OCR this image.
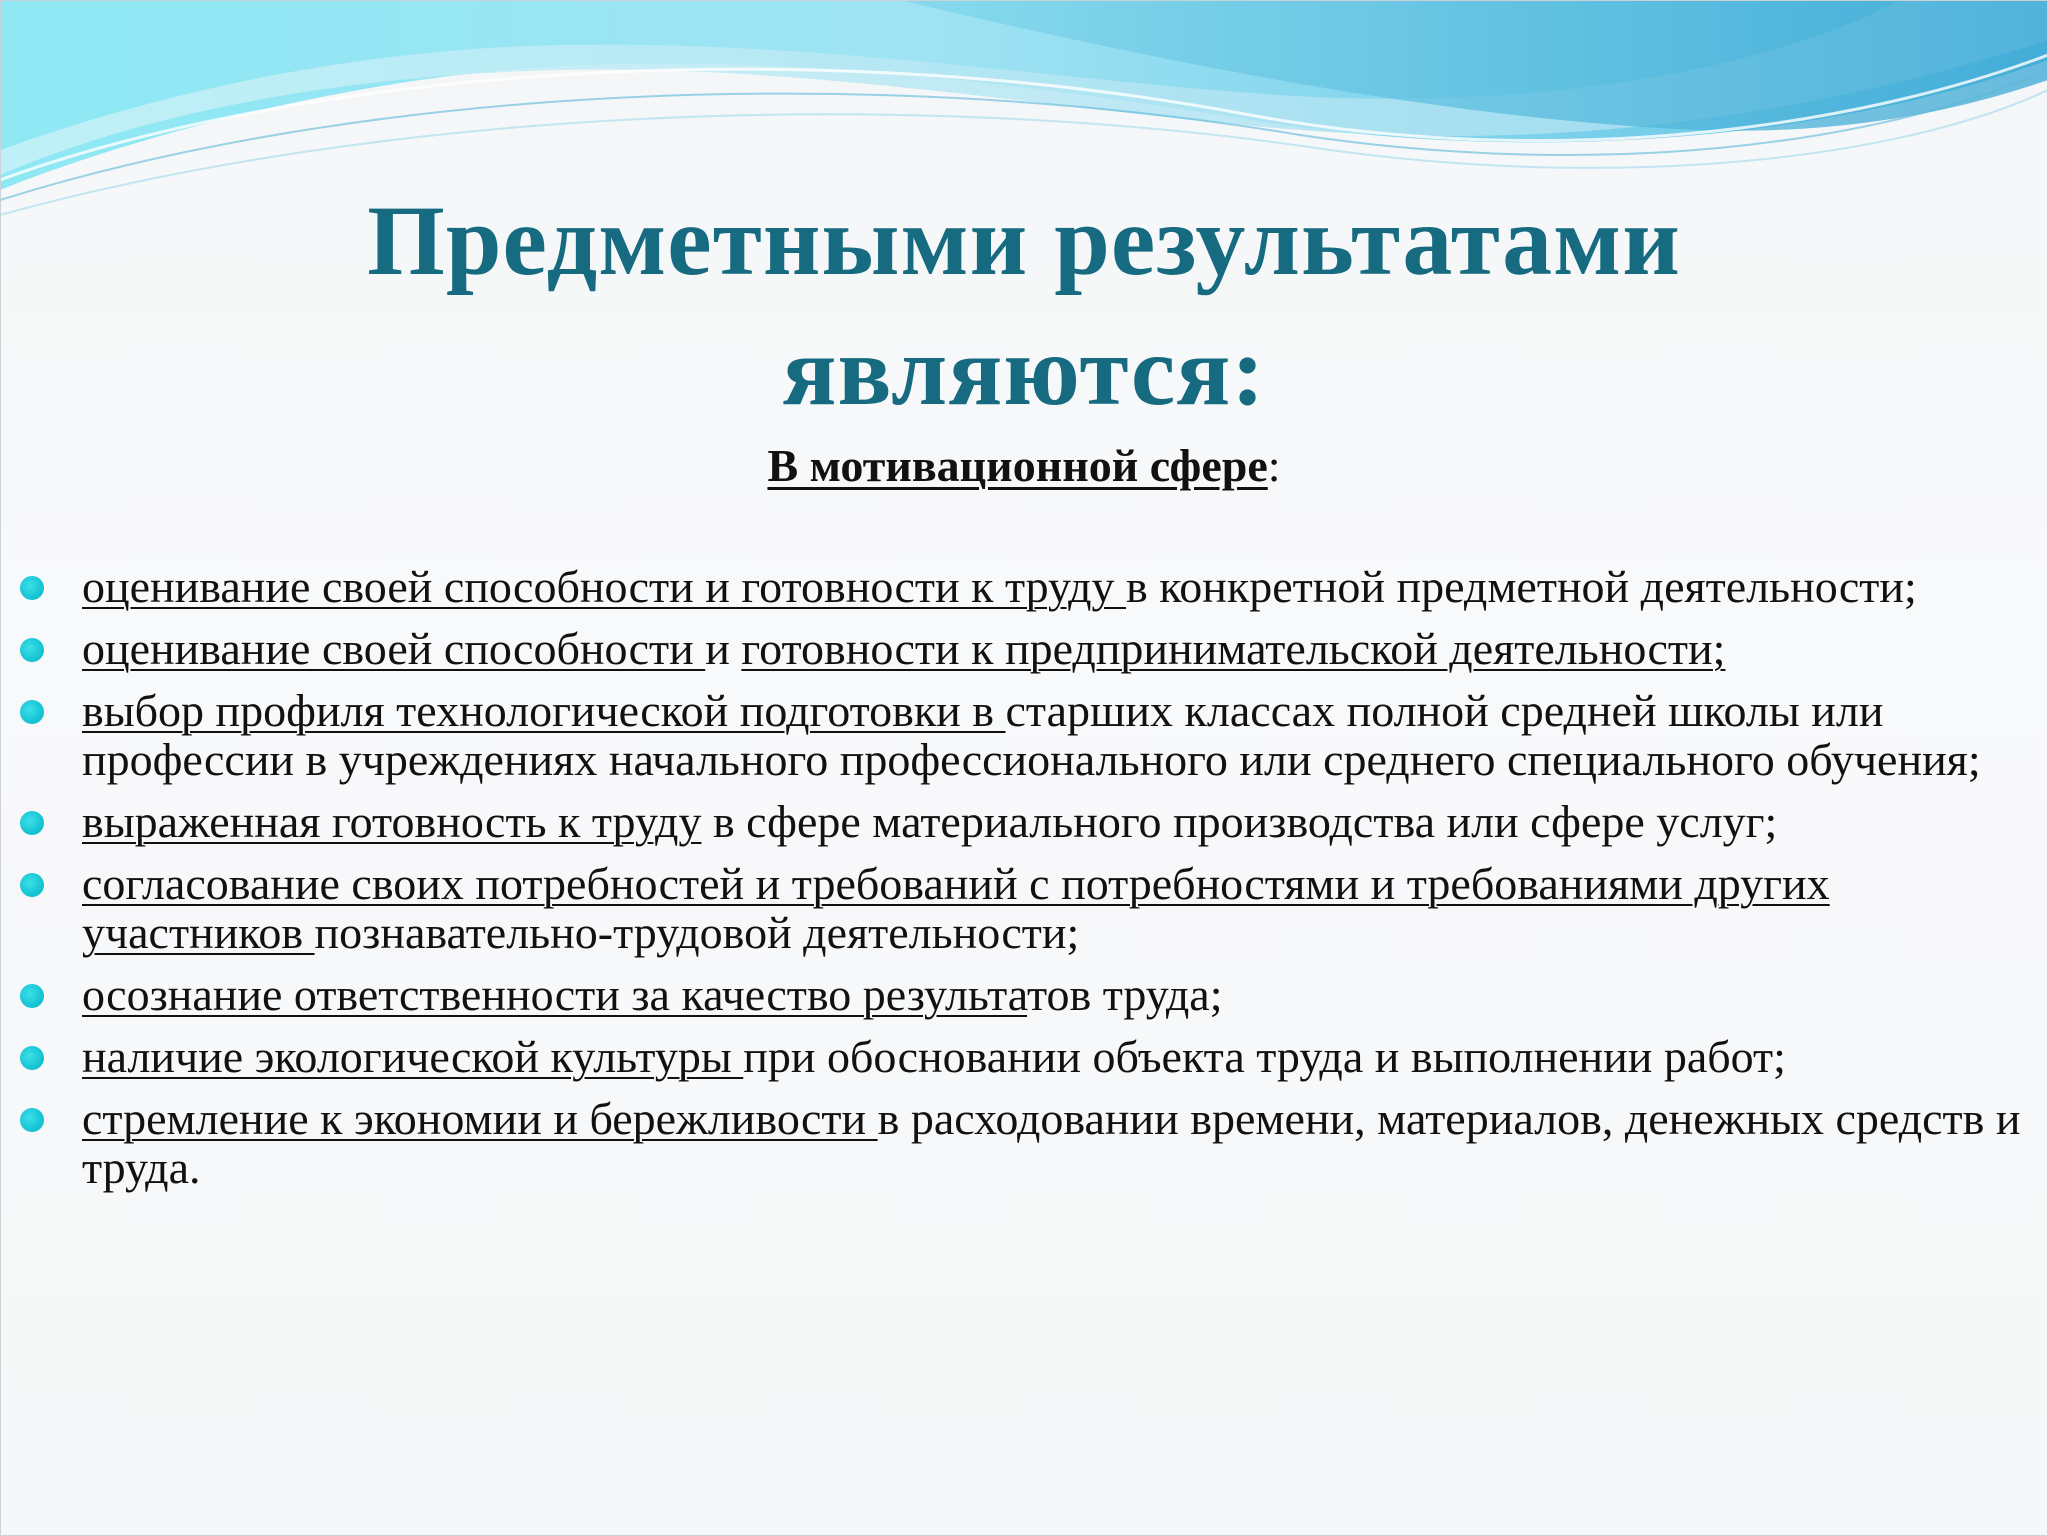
Предметными результатами
являются:
В мотивационной сфере:
оценивание своей способности и готовности к труду в конкретной предметной деятельности;
оценивание своей способности и готовности к предпринимательской деятельности;
выбор профиля технологической подготовки в старших классах полной средней школы или профессии в учреждениях начального профессионального или среднего специального обучения;
выраженная готовность к труду в сфере материального производства или сфере услуг;
согласование своих потребностей и требований с потребностями и требованиями других участников познавательно-трудовой деятельности;
осознание ответственности за качество результатов труда;
наличие экологической культуры при обосновании объекта труда и выполнении работ;
стремление к экономии и бережливости в расходовании времени, материалов, денежных средств и труда.
